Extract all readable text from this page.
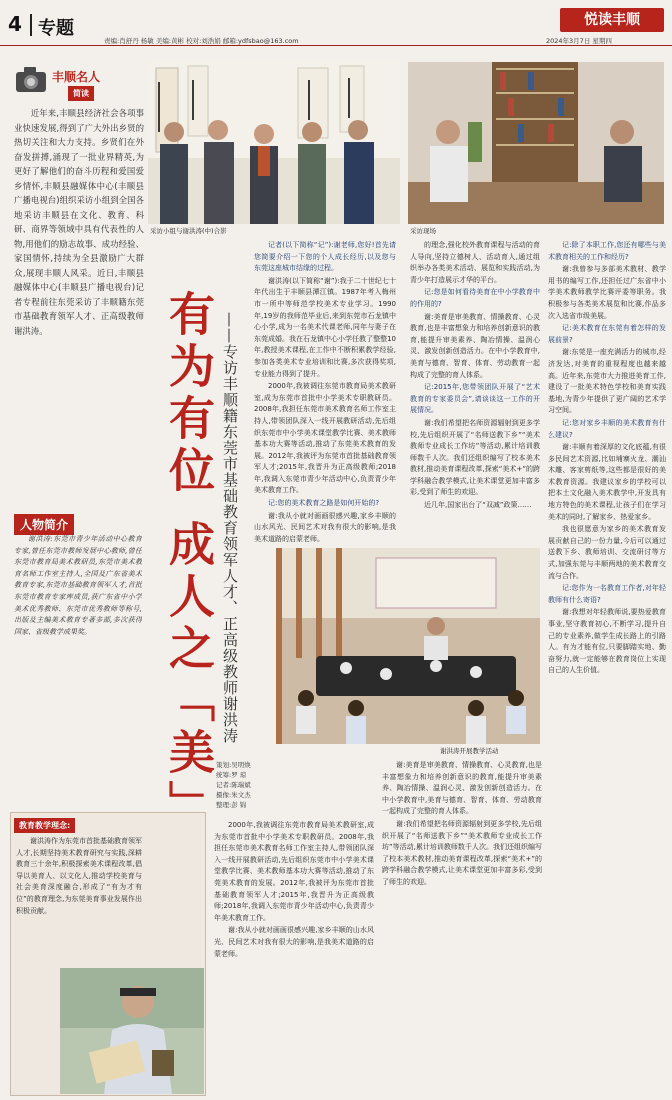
4 专题
责编:肖舒丹 杨敏 美编:黄彬 校对:刘浩娟 邮箱:ydfsbao@163.com	2024年3月7日 星期四
悦读丰顺
丰顺名人
简读

近年来,丰顺县经济社会各项事业快速发展,得到了广大外出乡贤的热切关注和大力支持。乡贤们在外奋发拼搏,涌现了一批业界精英,为更好了解他们的奋斗历程和爱国爱乡情怀,丰顺县融媒体中心(丰顺县广播电视台)组织采访小组到全国各地采访丰顺县在文化、教育、科研、商界等领域中具有代表性的人物,用他们的励志故事、成功经验、家国情怀,持续为全县激励广大群众,展现丰顺人风采。近日,丰顺县融媒体中心(丰顺县广播电视台)记者专程前往东莞采访了丰顺籍东莞市基础教育领军人才、正高级教师谢洪涛。

人物简介

谢洪涛:东莞市青少年活动中心教育专家,曾任东莞市教师发展中心教师,曾任东莞市教育局美术教研员,东莞市美术教育名师工作室主持人,全国及广东省美术教育专家,东莞市基础教育领军人才,首批东莞市教育专家库成员,获广东省中小学美术优秀教师、东莞市优秀教师等称号,出版及主编美术教育专著多部,多次获得国家、省级教学成果奖。

教育教学理念:

谢洪涛作为东莞市首批基础教育领军人才,长期坚持美术教育研究与实践,深耕教育三十余年,积极探索美术课程改革,倡导以美育人、以文化人,推动学校美育与社会美育深度融合,形成了“有为才有位”的教育理念,为东莞美育事业发展作出积极贡献。

采访小组与谢洪涛(中)合影	采访现场
有为有位 成人之「美」 ——专访丰顺籍东莞市基础教育领军人才、正高级教师谢洪涛
策划:吴明焕
统筹:罗 琼
记者:陈瑞斌
摄像:朱文杰
整理:彭 锦

记者(以下简称“记”):谢老师,您好!首先请您简要介绍一下您的个人成长经历,以及您与东莞这座城市结缘的过程。

谢洪涛(以下简称“谢”):我于二十世纪七十年代出生于丰顺县潭江镇。1987年考入梅州市一所中等师范学校美术专业学习。1990年,19岁的我师范毕业后,来到东莞市石龙镇中心小学,成为一名美术代课老师,同年与妻子在东莞成婚。我在石龙镇中心小学任教了整整10年,教授美术课程,在工作中不断积累教学经验,参加各类美术专业培训和比赛,多次获得奖项,专业能力得到了提升。

2000年,我被调往东莞市教育局美术教研室,成为东莞市首批中小学美术专职教研员。2008年,我担任东莞市美术教育名师工作室主持人,带领团队深入一线开展教研活动,先后组织东莞市中小学美术课堂教学比赛、美术教师基本功大赛等活动,推动了东莞美术教育的发展。2012年,我被评为东莞市首批基础教育领军人才;2015年,我晋升为正高级教师;2018年,我调入东莞市青少年活动中心,负责青少年美术教育工作。

记:您的美术教育之路是如何开始的?

谢:我从小就对画画很感兴趣,家乡丰顺的山水风光、民间艺术对我有很大的影响,是我美术道路的启蒙老师。

的理念,强化校外教育课程与活动的育人导向,坚持立德树人、活动育人,通过组织举办各类美术活动、展览和实践活动,为青少年打造展示才华的平台。

记:您是如何看待美育在中小学教育中的作用的?

谢:美育是审美教育、情操教育、心灵教育,也是丰富想象力和培养创新意识的教育,能提升审美素养、陶冶情操、温润心灵、激发创新创造活力。在中小学教育中,美育与德育、智育、体育、劳动教育一起构成了完整的育人体系。

记:2015年,您带领团队开展了“艺术教育的专家委员会”,请谈谈这一工作的开展情况。

谢:我们希望把名师资源辐射到更多学校,先后组织开展了“名师送教下乡”“美术教师专业成长工作坊”等活动,累计培训教师数千人次。我们还组织编写了校本美术教材,推动美育课程改革,探索“美术+”的跨学科融合教学模式,让美术课堂更加丰富多彩,受到了师生的欢迎。

近几年,国家出台了“双减”政策……

谢洪涛开展教学活动

记:除了本职工作,您还有哪些与美术教育相关的工作和经历?

谢:我曾参与多部美术教材、教学用书的编写工作,还担任过广东省中小学美术教师教学比赛评委等职务。我积极参与各类美术展览和比赛,作品多次入选省市级美展。

记:美术教育在东莞有着怎样的发展前景?

谢:东莞是一座充满活力的城市,经济发达,对美育的重视程度也越来越高。近年来,东莞市大力推进美育工作,建设了一批美术特色学校和美育实践基地,为青少年提供了更广阔的艺术学习空间。

记:您对家乡丰顺的美术教育有什么建议?

谢:丰顺有着深厚的文化底蕴,有很多民间艺术资源,比如埔寨火龙、潮汕木雕、客家剪纸等,这些都是很好的美术教育资源。我建议家乡的学校可以把本土文化融入美术教学中,开发具有地方特色的美术课程,让孩子们在学习美术的同时,了解家乡、热爱家乡。

我也很愿意为家乡的美术教育发展贡献自己的一份力量,今后可以通过送教下乡、教师培训、交流研讨等方式,加强东莞与丰顺两地的美术教育交流与合作。

记:您作为一名教育工作者,对年轻教师有什么寄语?

谢:我想对年轻教师说,要热爱教育事业,坚守教育初心,不断学习,提升自己的专业素养,做学生成长路上的引路人。有为才能有位,只要脚踏实地、勤奋努力,就一定能够在教育岗位上实现自己的人生价值。

2000年,我被调往东莞市教育局美术教研室,成为东莞市首批中小学美术专职教研员。2008年,我担任东莞市美术教育名师工作室主持人,带领团队深入一线开展教研活动,先后组织东莞市中小学美术课堂教学比赛、美术教师基本功大赛等活动,推动了东莞美术教育的发展。2012年,我被评为东莞市首批基础教育领军人才;2015年,我晋升为正高级教师;2018年,我调入东莞市青少年活动中心,负责青少年美术教育工作。

谢:我从小就对画画很感兴趣,家乡丰顺的山水风光、民间艺术对我有很大的影响,是我美术道路的启蒙老师。

谢:美育是审美教育、情操教育、心灵教育,也是丰富想象力和培养创新意识的教育,能提升审美素养、陶冶情操、温润心灵、激发创新创造活力。在中小学教育中,美育与德育、智育、体育、劳动教育一起构成了完整的育人体系。

谢:我们希望把名师资源辐射到更多学校,先后组织开展了“名师送教下乡”“美术教师专业成长工作坊”等活动,累计培训教师数千人次。我们还组织编写了校本美术教材,推动美育课程改革,探索“美术+”的跨学科融合教学模式,让美术课堂更加丰富多彩,受到了师生的欢迎。
